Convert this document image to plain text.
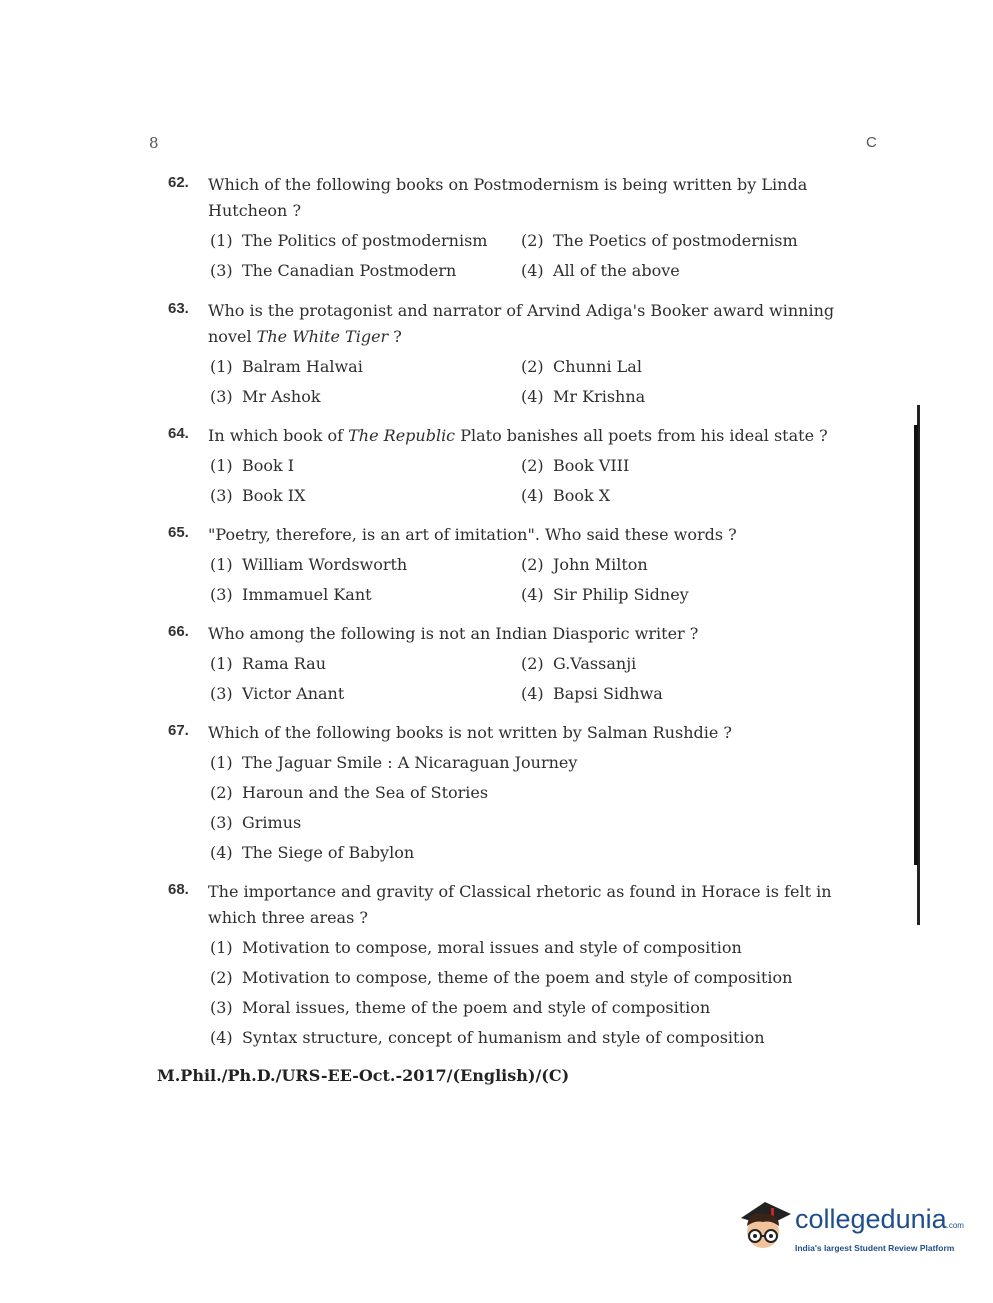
8	C
62.	Which of the following books on Postmodernism is being written by Linda Hutcheon ?
(1) The Politics of postmodernism	(2) The Poetics of postmodernism
(3) The Canadian Postmodern	(4) All of the above
63.	Who is the protagonist and narrator of Arvind Adiga's Booker award winning novel The White Tiger ?
(1) Balram Halwai	(2) Chunni Lal
(3) Mr Ashok	(4) Mr Krishna
64.	In which book of The Republic Plato banishes all poets from his ideal state ?
(1) Book I	(2) Book VIII
(3) Book IX	(4) Book X
65.	"Poetry, therefore, is an art of imitation". Who said these words ?
(1) William Wordsworth	(2) John Milton
(3) Immamuel Kant	(4) Sir Philip Sidney
66.	Who among the following is not an Indian Diasporic writer ?
(1) Rama Rau	(2) G.Vassanji
(3) Victor Anant	(4) Bapsi Sidhwa
67.	Which of the following books is not written by Salman Rushdie ?
(1) The Jaguar Smile : A Nicaraguan Journey
(2) Haroun and the Sea of Stories
(3) Grimus
(4) The Siege of Babylon
68.	The importance and gravity of Classical rhetoric as found in Horace is felt in which three areas ?
(1) Motivation to compose, moral issues and style of composition
(2) Motivation to compose, theme of the poem and style of composition
(3) Moral issues, theme of the poem and style of composition
(4) Syntax structure, concept of humanism and style of composition
M.Phil./Ph.D./URS-EE-Oct.-2017/(English)/(C)
collegedunia.com
India's largest Student Review Platform
